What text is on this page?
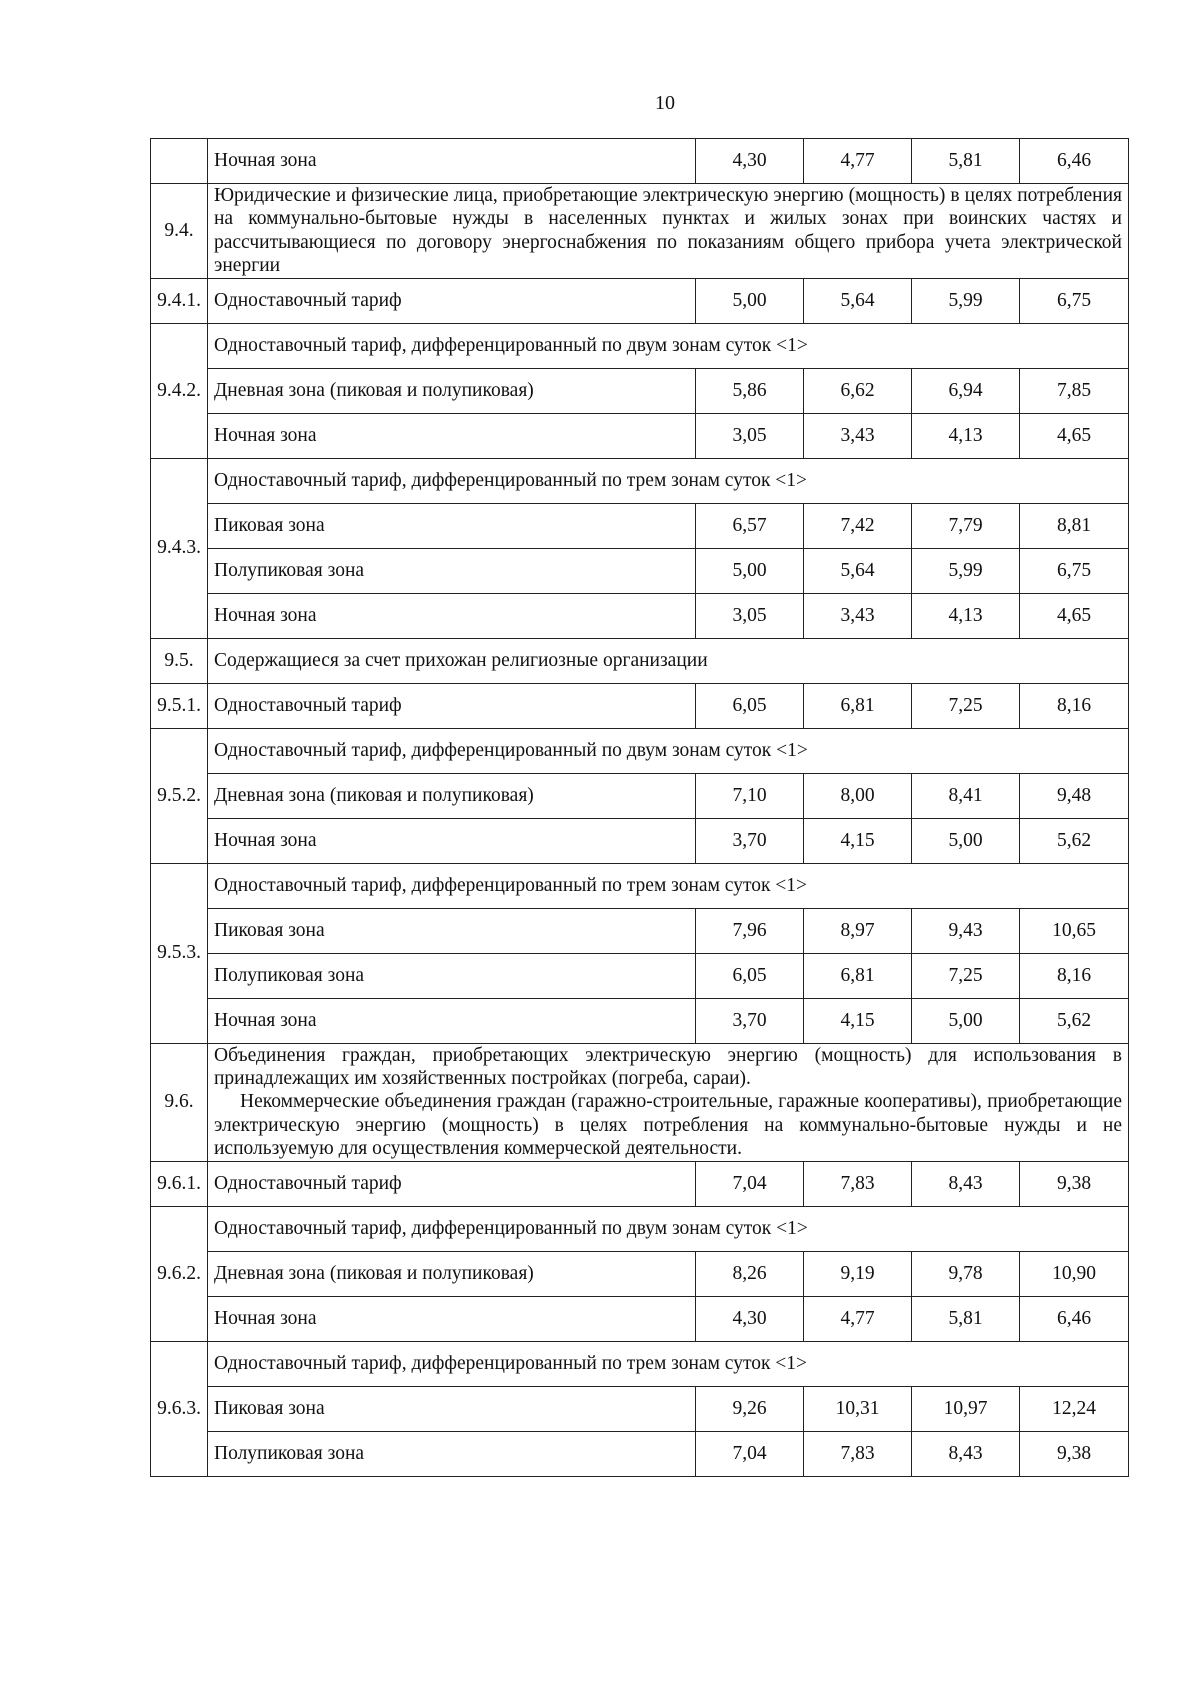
10
	Ночная зона	4,30	4,77	5,81	6,46
9.4.	Юридические и физические лица, приобретающие электрическую энергию (мощность) в целях потребления на коммунально-бытовые нужды в населенных пунктах и жилых зонах при воинских частях и рассчитывающиеся по договору энергоснабжения по показаниям общего прибора учета электрической энергии				

9.4.1.	Одноставочный тариф	5,00	5,64	5,99	6,75
9.4.2.	Одноставочный тариф, дифференцированный по двум зонам суток <1>				
	Дневная зона (пиковая и полупиковая)	5,86	6,62	6,94	7,85
	Ночная зона	3,05	3,43	4,13	4,65
9.4.3.	Одноставочный тариф, дифференцированный по трем зонам суток <1>				
	Пиковая зона	6,57	7,42	7,79	8,81
	Полупиковая зона	5,00	5,64	5,99	6,75
	Ночная зона	3,05	3,43	4,13	4,65
9.5.	Содержащиеся за счет прихожан религиозные организации				
9.5.1.	Одноставочный тариф	6,05	6,81	7,25	8,16
9.5.2.	Одноставочный тариф, дифференцированный по двум зонам суток <1>				
	Дневная зона (пиковая и полупиковая)	7,10	8,00	8,41	9,48
	Ночная зона	3,70	4,15	5,00	5,62
9.5.3.	Одноставочный тариф, дифференцированный по трем зонам суток <1>				
	Пиковая зона	7,96	8,97	9,43	10,65
	Полупиковая зона	6,05	6,81	7,25	8,16
	Ночная зона	3,70	4,15	5,00	5,62
9.6.	Объединения граждан, приобретающих электрическую энергию (мощность) для использования в принадлежащих им хозяйственных постройках (погреба, сараи).

Некоммерческие объединения граждан (гаражно-строительные, гаражные кооперативы), приобретающие электрическую энергию (мощность) в целях потребления на коммунально-бытовые нужды и не используемую для осуществления коммерческой деятельности.				

9.6.1.	Одноставочный тариф	7,04	7,83	8,43	9,38
9.6.2.	Одноставочный тариф, дифференцированный по двум зонам суток <1>				
	Дневная зона (пиковая и полупиковая)	8,26	9,19	9,78	10,90
	Ночная зона	4,30	4,77	5,81	6,46
9.6.3.	Одноставочный тариф, дифференцированный по трем зонам суток <1>				
	Пиковая зона	9,26	10,31	10,97	12,24
	Полупиковая зона	7,04	7,83	8,43	9,38
